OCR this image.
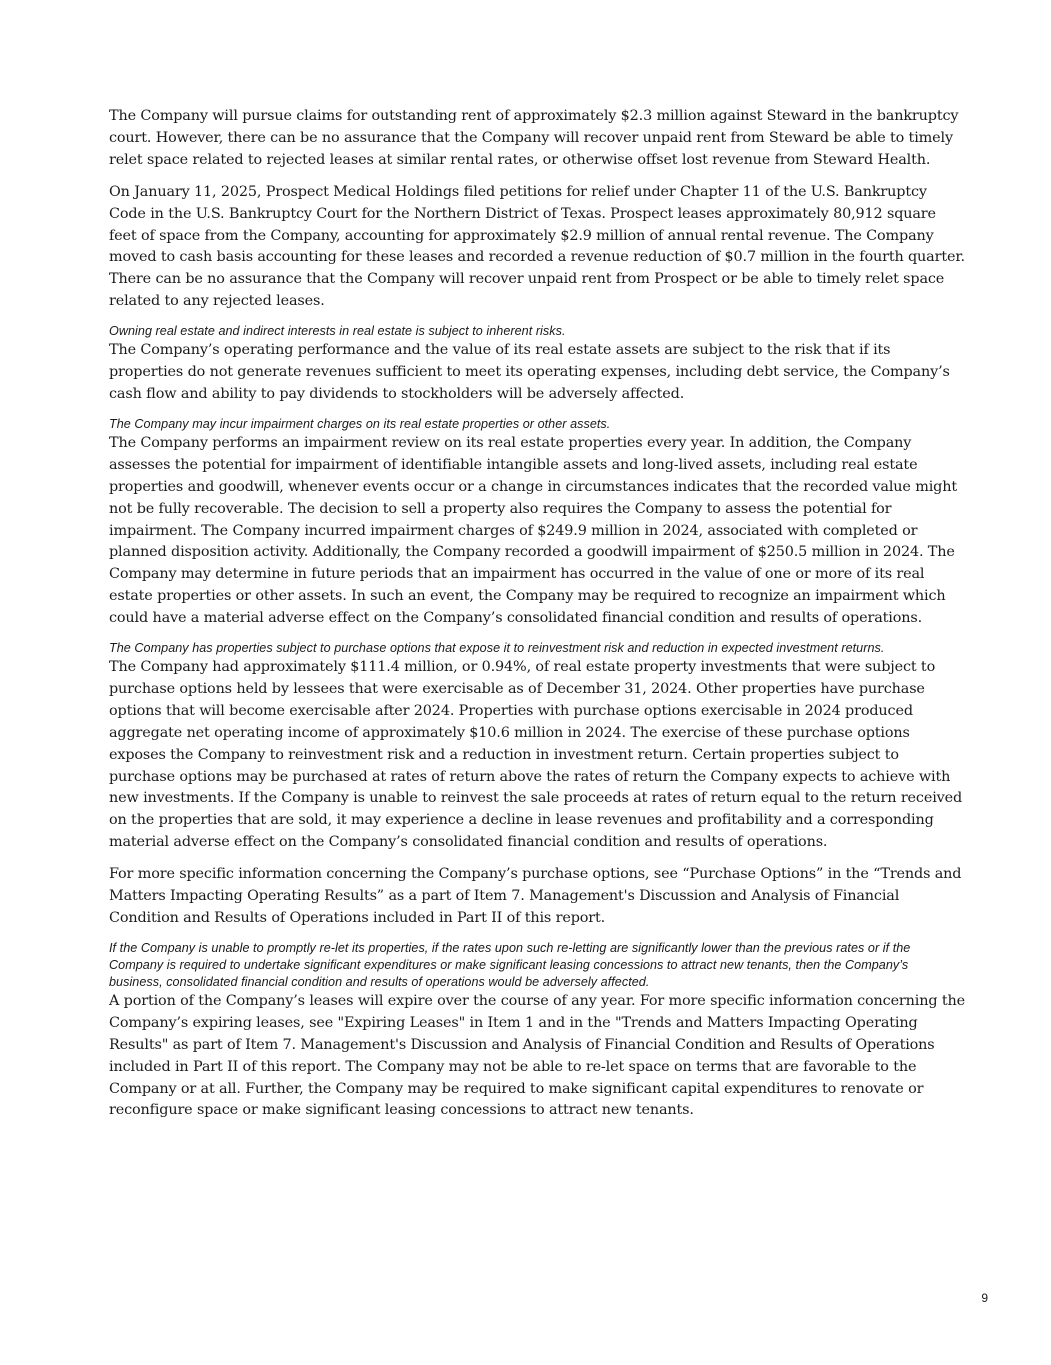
The Company will pursue claims for outstanding rent of approximately $2.3 million against Steward in the bankruptcy court. However, there can be no assurance that the Company will recover unpaid rent from Steward be able to timely relet space related to rejected leases at similar rental rates, or otherwise offset lost revenue from Steward Health.

On January 11, 2025, Prospect Medical Holdings filed petitions for relief under Chapter 11 of the U.S. Bankruptcy Code in the U.S. Bankruptcy Court for the Northern District of Texas. Prospect leases approximately 80,912 square feet of space from the Company, accounting for approximately $2.9 million of annual rental revenue. The Company moved to cash basis accounting for these leases and recorded a revenue reduction of $0.7 million in the fourth quarter. There can be no assurance that the Company will recover unpaid rent from Prospect or be able to timely relet space related to any rejected leases.

Owning real estate and indirect interests in real estate is subject to inherent risks.

The Company’s operating performance and the value of its real estate assets are subject to the risk that if its properties do not generate revenues sufficient to meet its operating expenses, including debt service, the Company’s cash flow and ability to pay dividends to stockholders will be adversely affected.

The Company may incur impairment charges on its real estate properties or other assets.

The Company performs an impairment review on its real estate properties every year. In addition, the Company assesses the potential for impairment of identifiable intangible assets and long-lived assets, including real estate properties and goodwill, whenever events occur or a change in circumstances indicates that the recorded value might not be fully recoverable. The decision to sell a property also requires the Company to assess the potential for impairment. The Company incurred impairment charges of $249.9 million in 2024, associated with completed or planned disposition activity. Additionally, the Company recorded a goodwill impairment of $250.5 million in 2024. The Company may determine in future periods that an impairment has occurred in the value of one or more of its real estate properties or other assets. In such an event, the Company may be required to recognize an impairment which could have a material adverse effect on the Company’s consolidated financial condition and results of operations.

The Company has properties subject to purchase options that expose it to reinvestment risk and reduction in expected investment returns.

The Company had approximately $111.4 million, or 0.94%, of real estate property investments that were subject to purchase options held by lessees that were exercisable as of December 31, 2024. Other properties have purchase options that will become exercisable after 2024. Properties with purchase options exercisable in 2024 produced aggregate net operating income of approximately $10.6 million in 2024. The exercise of these purchase options exposes the Company to reinvestment risk and a reduction in investment return. Certain properties subject to purchase options may be purchased at rates of return above the rates of return the Company expects to achieve with new investments. If the Company is unable to reinvest the sale proceeds at rates of return equal to the return received on the properties that are sold, it may experience a decline in lease revenues and profitability and a corresponding material adverse effect on the Company’s consolidated financial condition and results of operations.

For more specific information concerning the Company’s purchase options, see “Purchase Options” in the “Trends and Matters Impacting Operating Results” as a part of Item 7. Management's Discussion and Analysis of Financial Condition and Results of Operations included in Part II of this report.

If the Company is unable to promptly re-let its properties, if the rates upon such re-letting are significantly lower than the previous rates or if the Company is required to undertake significant expenditures or make significant leasing concessions to attract new tenants, then the Company’s business, consolidated financial condition and results of operations would be adversely affected.

A portion of the Company’s leases will expire over the course of any year. For more specific information concerning the Company’s expiring leases, see "Expiring Leases" in Item 1 and in the "Trends and Matters Impacting Operating Results" as part of Item 7. Management's Discussion and Analysis of Financial Condition and Results of Operations included in Part II of this report. The Company may not be able to re-let space on terms that are favorable to the Company or at all. Further, the Company may be required to make significant capital expenditures to renovate or reconfigure space or make significant leasing concessions to attract new tenants.

9
